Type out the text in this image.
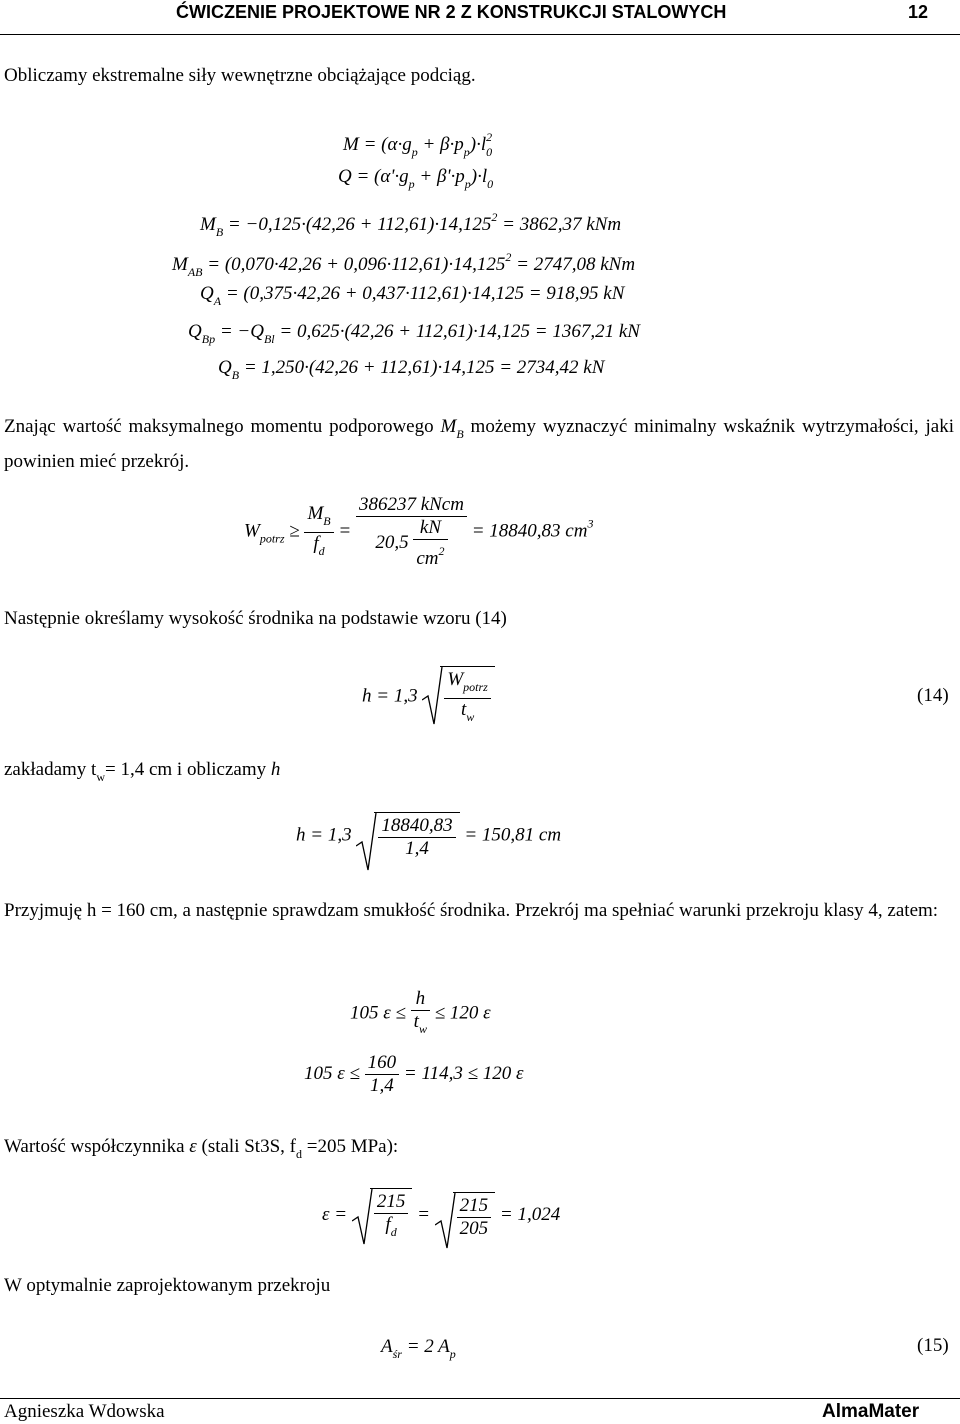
ĆWICZENIE PROJEKTOWE NR 2 Z KONSTRUKCJI STALOWYCH	12
Obliczamy ekstremalne siły wewnętrzne obciążające podciąg.
$M = (\alpha\cdot g_p + \beta\cdot p_p)\cdot l_0^2$
$Q = (\alpha'\cdot g_p + \beta'\cdot p_p)\cdot l_0$
$M_B = -0,125\cdot(42,26 + 112,61)\cdot 14,125^2 = 3862,37$ kNm
$M_{AB} = (0,070\cdot 42,26 + 0,096\cdot 112,61)\cdot 14,125^2 = 2747,08$ kNm
$Q_A = (0,375\cdot 42,26 + 0,437\cdot 112,61)\cdot 14,125 = 918,95$ kN
$Q_{Bp} = -Q_{Bl} = 0,625\cdot(42,26 + 112,61)\cdot 14,125 = 1367,21$ kN
$Q_B = 1,250\cdot(42,26 + 112,61)\cdot 14,125 = 2734,42$ kN
Znając wartość maksymalnego momentu podporowego $M_B$ możemy wyznaczyć minimalny wskaźnik wytrzymałości, jaki powinien mieć przekrój.
$W_{potrz} \ge \frac{M_B}{f_d} = \frac{\text{386237 kNcm}}{20,5 \frac{kN}{cm^2}} = 18840,83$ $cm^3$
Następnie określamy wysokość środnika na podstawie wzoru (14)
$h = 1,3 \frac{W_{potrz}}{t_w}$	(14)
zakładamy $t_w= 1,4$ cm i obliczamy h
$h = 1,3 \frac{18840,83}{1,4} = 150,81$ cm
Przyjmuję h = 160 cm, a następnie sprawdzam smukłość środnika. Przekrój ma spełniać warunki przekroju klasy 4, zatem:
105 $\varepsilon \le \frac{h}{t_w} \le 120$ ε
105 $\varepsilon \le \frac{160}{1,4} = 114,3 \le 120$ ε
Wartość współczynnika ε (stali St3S, $f_d =205$ MPa):
$\varepsilon = \frac{215}{f_d} = \frac{215}{205} = 1,024$
W optymalnie zaprojektowanym przekroju
$A_{śr} = 2$ $A_p$	(15)
Agnieszka Wdowska	AlmaMater
